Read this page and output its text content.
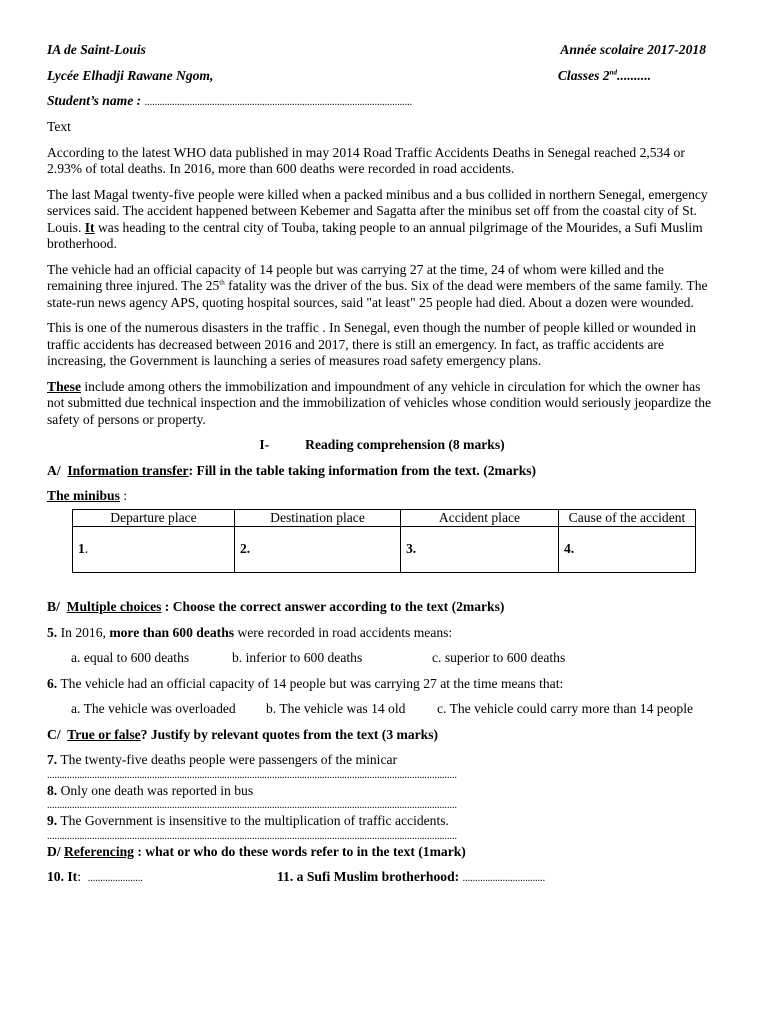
IA de Saint-Louis	Année scolaire 2017-2018
Lycée Elhadji Rawane Ngom,	Classes 2nd..........
Student’s name : ...........................................................................................................

Text

According to the latest WHO data published in may 2014 Road Traffic Accidents Deaths in Senegal reached 2,534 or 2.93% of total deaths. In 2016, more than 600 deaths were recorded in road accidents.

The last Magal twenty-five people were killed when a packed minibus and a bus collided in northern Senegal, emergency services said. The accident happened between Kebemer and Sagatta after the minibus set off from the coastal city of St. Louis. It was heading to the central city of Touba, taking people to an annual pilgrimage of the Mourides, a Sufi Muslim brotherhood.

The vehicle had an official capacity of 14 people but was carrying 27 at the time, 24 of whom were killed and the remaining three injured. The 25th fatality was the driver of the bus. Six of the dead were members of the same family. The state-run news agency APS, quoting hospital sources, said "at least" 25 people had died. About a dozen were wounded.

This is one of the numerous disasters in the traffic . In Senegal, even though the number of people killed or wounded in traffic accidents has decreased between 2016 and 2017, there is still an emergency. In fact, as traffic accidents are increasing, the Government is launching a series of measures road safety emergency plans.

These include among others the immobilization and impoundment of any vehicle in circulation for which the owner has not submitted due technical inspection and the immobilization of vehicles whose condition would seriously jeopardize the safety of persons or property.

I-	Reading comprehension (8 marks)

A/ Information transfer: Fill in the table taking information from the text. (2marks)

The minibus :

Departure place	Destination place	Accident place	Cause of the accident
1.	2.	3.	4.

B/ Multiple choices : Choose the correct answer according to the text (2marks)

5. In 2016, more than 600 deaths were recorded in road accidents means:

a. equal to 600 deaths	b. inferior to 600 deaths	c. superior to 600 deaths

6. The vehicle had an official capacity of 14 people but was carrying 27 at the time means that:

a. The vehicle was overloaded	b. The vehicle was 14 old	c. The vehicle could carry more than 14 people

C/ True or false? Justify by relevant quotes from the text (3 marks)

7. The twenty-five deaths people were passengers of the minicar

....................................................................................................................................................................

8. Only one death was reported in bus

....................................................................................................................................................................

9. The Government is insensitive to the multiplication of traffic accidents.

....................................................................................................................................................................

D/ Referencing : what or who do these words refer to in the text (1mark)

10. It: ......................	11. a Sufi Muslim brotherhood: .................................
